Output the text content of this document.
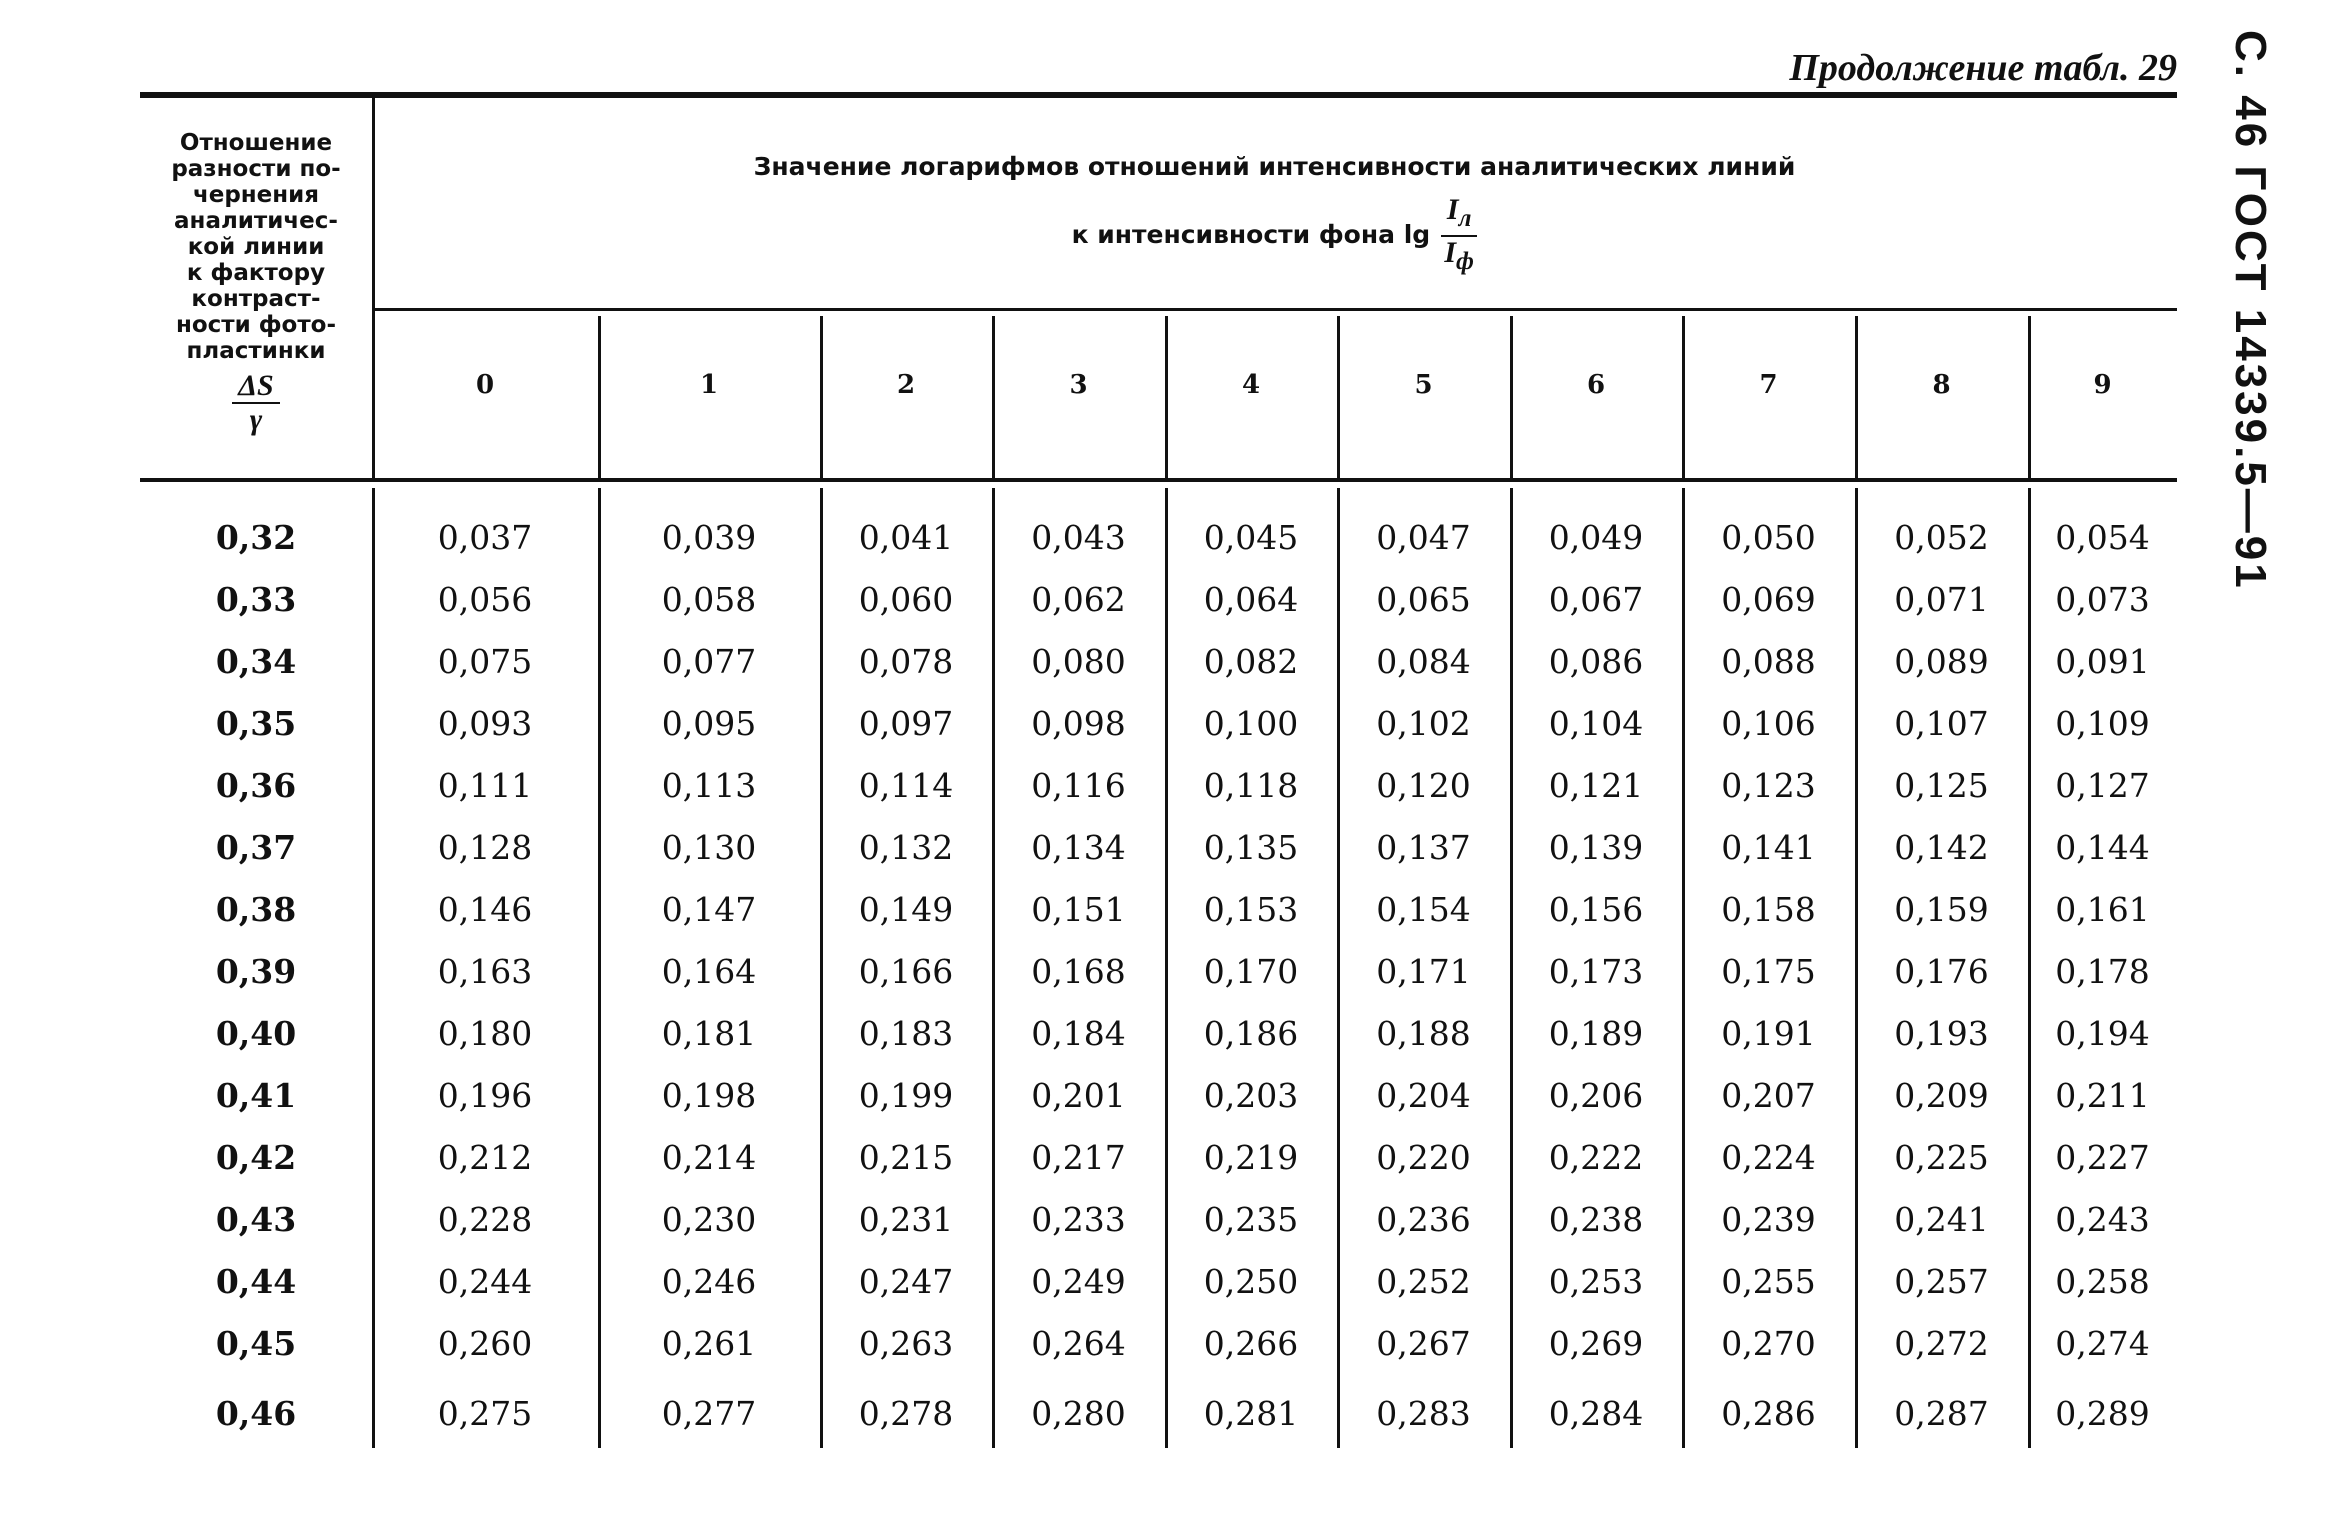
С. 46 ГОСТ 14339.5—91
Продолжение табл. 29
Отношение
разности по-
чернения
аналитичес-
кой линии
к фактору
контраст-
ности фото-
пластинки
$\frac{\Delta S}{\gamma}$
Значение логарифмов отношений интенсивности аналитических линий
к интенсивности фона lg
$I_л$
$I_ф$
0	1	2	3	4	5	6	7	8	9
0,32	0,037	0,039	0,041	0,043	0,045	0,047	0,049	0,050	0,052	0,054
0,33	0,056	0,058	0,060	0,062	0,064	0,065	0,067	0,069	0,071	0,073
0,34	0,075	0,077	0,078	0,080	0,082	0,084	0,086	0,088	0,089	0,091
0,35	0,093	0,095	0,097	0,098	0,100	0,102	0,104	0,106	0,107	0,109
0,36	0,111	0,113	0,114	0,116	0,118	0,120	0,121	0,123	0,125	0,127
0,37	0,128	0,130	0,132	0,134	0,135	0,137	0,139	0,141	0,142	0,144
0,38	0,146	0,147	0,149	0,151	0,153	0,154	0,156	0,158	0,159	0,161
0,39	0,163	0,164	0,166	0,168	0,170	0,171	0,173	0,175	0,176	0,178
0,40	0,180	0,181	0,183	0,184	0,186	0,188	0,189	0,191	0,193	0,194
0,41	0,196	0,198	0,199	0,201	0,203	0,204	0,206	0,207	0,209	0,211
0,42	0,212	0,214	0,215	0,217	0,219	0,220	0,222	0,224	0,225	0,227
0,43	0,228	0,230	0,231	0,233	0,235	0,236	0,238	0,239	0,241	0,243
0,44	0,244	0,246	0,247	0,249	0,250	0,252	0,253	0,255	0,257	0,258
0,45	0,260	0,261	0,263	0,264	0,266	0,267	0,269	0,270	0,272	0,274
0,46	0,275	0,277	0,278	0,280	0,281	0,283	0,284	0,286	0,287	0,289
